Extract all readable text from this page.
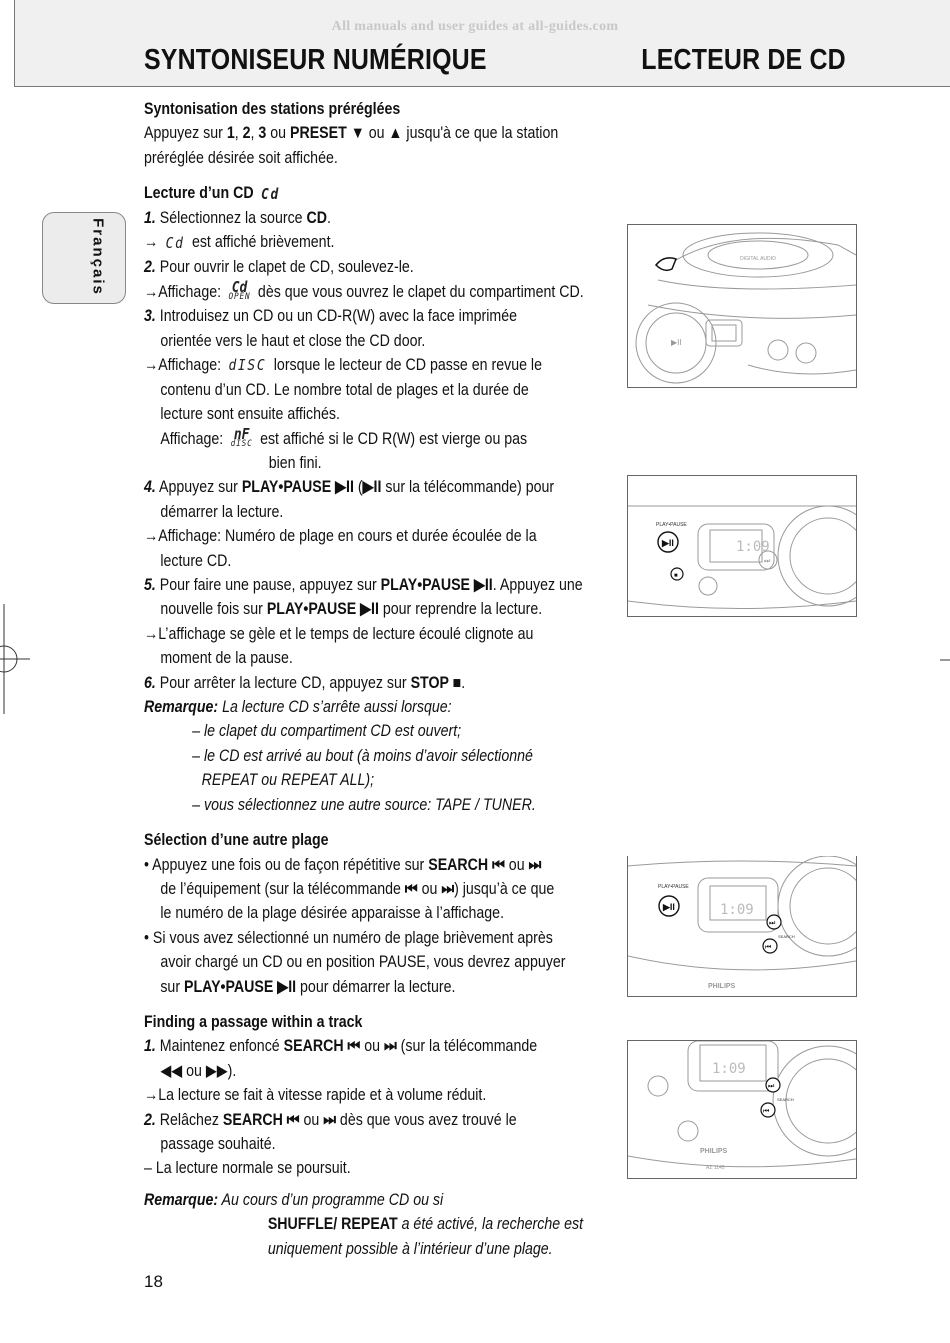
All manuals and user guides at all-guides.com
SYNTONISEUR NUMÉRIQUE	LECTEUR DE CD
Français
Syntonisation des stations préréglées
Appuyez sur 1, 2, 3 ou PRESET ▼ ou ▲ jusqu'à ce que la station
préréglée désirée soit affichée.
Lecture d’un CD Cd
1. Sélectionnez la source CD.
→ Cd est affiché brièvement.
2. Pour ouvrir le clapet de CD, soulevez-le.
→Affichage: Cd
OPEN dès que vous ouvrez le clapet du compartiment CD.
3. Introduisez un CD ou un CD-R(W) avec la face imprimée
orientée vers le haut et close the CD door.
→Affichage: dISC lorsque le lecteur de CD passe en revue le
contenu d’un CD. Le nombre total de plages et la durée de
lecture sont ensuite affichés.
Affichage: nF
dISC est affiché si le CD R(W) est vierge ou pas
bien fini.
4. Appuyez sur PLAY•PAUSE ▶II (▶II sur la télécommande) pour
démarrer la lecture.
→Affichage: Numéro de plage en cours et durée écoulée de la
lecture CD.
5. Pour faire une pause, appuyez sur PLAY•PAUSE ▶II. Appuyez une
nouvelle fois sur PLAY•PAUSE ▶II pour reprendre la lecture.
→L’affichage se gèle et le temps de lecture écoulé clignote au
moment de la pause.
6. Pour arrêter la lecture CD, appuyez sur STOP ■.
Remarque: La lecture CD s’arrête aussi lorsque:
– le clapet du compartiment CD est ouvert;
– le CD est arrivé au bout (à moins d’avoir sélectionné
REPEAT ou REPEAT ALL);
– vous sélectionnez une autre source: TAPE / TUNER.
Sélection d’une autre plage
• Appuyez une fois ou de façon répétitive sur SEARCH ⏮ ou ⏭
de l’équipement (sur la télécommande ⏮ ou ⏭) jusqu’à ce que
le numéro de la plage désirée apparaisse à l’affichage.
• Si vous avez sélectionné un numéro de plage brièvement après
avoir chargé un CD ou en position PAUSE, vous devrez appuyer
sur PLAY•PAUSE ▶II pour démarrer la lecture.
Finding a passage within a track
1. Maintenez enfoncé SEARCH ⏮ ou ⏭ (sur la télécommande
◀◀ ou ▶▶).
→La lecture se fait à vitesse rapide et à volume réduit.
2. Relâchez SEARCH ⏮ ou ⏭ dès que vous avez trouvé le
passage souhaité.
– La lecture normale se poursuit.
Remarque: Au cours d’un programme CD ou si
SHUFFLE/ REPEAT a été activé, la recherche est
uniquement possible à l’intérieur d’une plage.
DIGITAL AUDIO
▶II
1:09
PLAY•PAUSE
▶II
■
⏭
1:09
PLAY•PAUSE
▶II
⏭
SEARCH
⏮
PHILIPS
1:09
⏭
SEARCH
⏮
PHILIPS
AZ 1145
18
